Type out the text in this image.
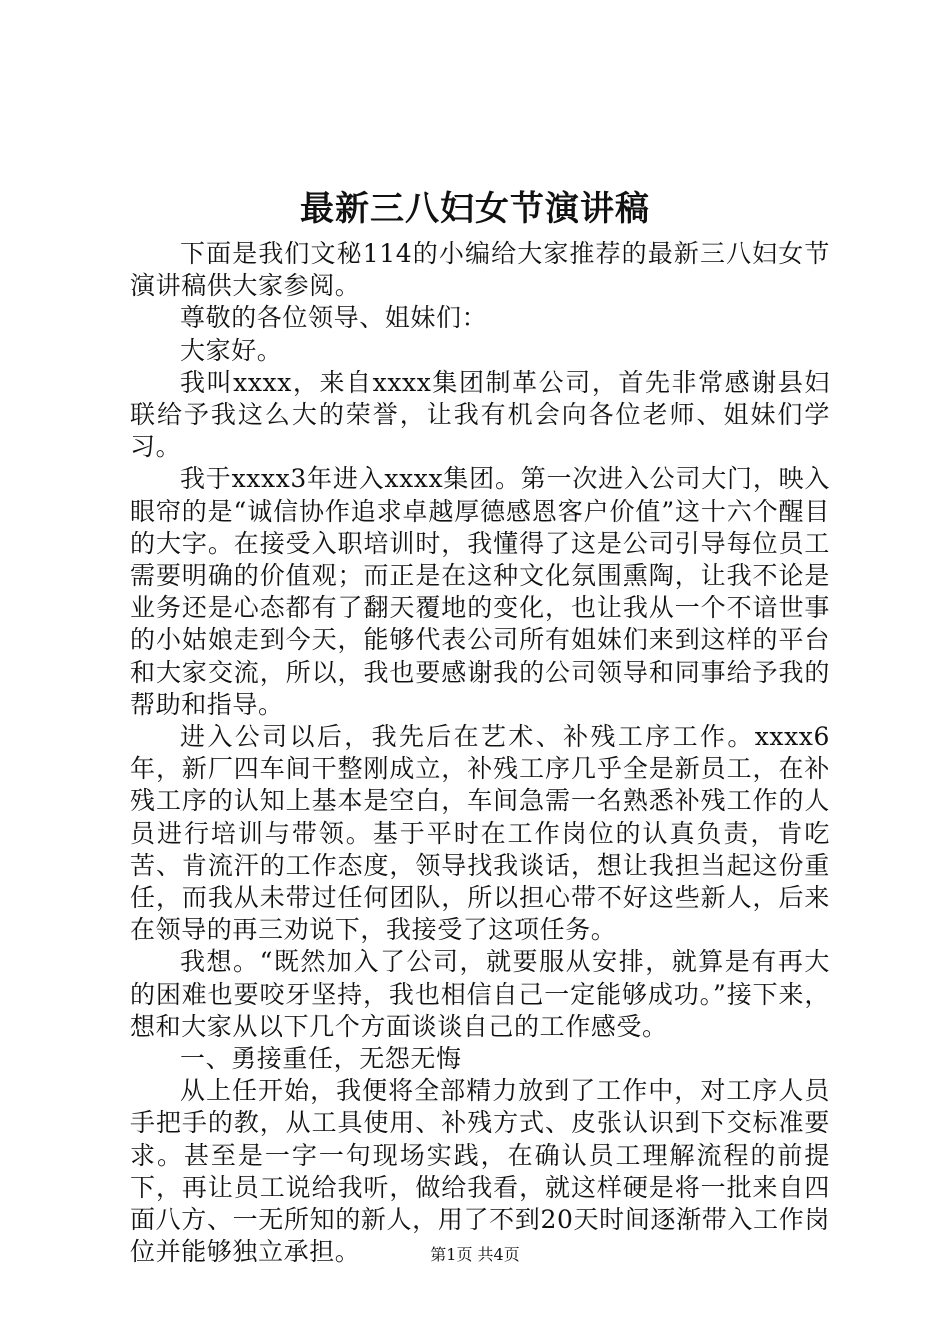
最新三八妇女节演讲稿

下面是我们文秘114的小编给大家推荐的最新三八妇女节演讲稿供大家参阅。

尊敬的各位领导、姐妹们：

大家好。

我叫xxxx，来自xxxx集团制革公司，首先非常感谢县妇联给予我这么大的荣誉，让我有机会向各位老师、姐妹们学习。

我于xxxx3年进入xxxx集团。第一次进入公司大门，映入眼帘的是“诚信协作追求卓越厚德感恩客户价值”这十六个醒目的大字。在接受入职培训时，我懂得了这是公司引导每位员工需要明确的价值观；而正是在这种文化氛围熏陶，让我不论是业务还是心态都有了翻天覆地的变化，也让我从一个不谙世事的小姑娘走到今天，能够代表公司所有姐妹们来到这样的平台和大家交流，所以，我也要感谢我的公司领导和同事给予我的帮助和指导。

进入公司以后，我先后在艺术、补残工序工作。xxxx6年，新厂四车间干整刚成立，补残工序几乎全是新员工，在补残工序的认知上基本是空白，车间急需一名熟悉补残工作的人员进行培训与带领。基于平时在工作岗位的认真负责，肯吃苦、肯流汗的工作态度，领导找我谈话，想让我担当起这份重任，而我从未带过任何团队，所以担心带不好这些新人，后来在领导的再三劝说下，我接受了这项任务。

我想。“既然加入了公司，就要服从安排，就算是有再大的困难也要咬牙坚持，我也相信自己一定能够成功。”接下来，想和大家从以下几个方面谈谈自己的工作感受。

一、勇接重任，无怨无悔

从上任开始，我便将全部精力放到了工作中，对工序人员手把手的教，从工具使用、补残方式、皮张认识到下交标准要求。甚至是一字一句现场实践，在确认员工理解流程的前提下，再让员工说给我听，做给我看，就这样硬是将一批来自四面八方、一无所知的新人，用了不到20天时间逐渐带入工作岗位并能够独立承担。	第1页 共4页
